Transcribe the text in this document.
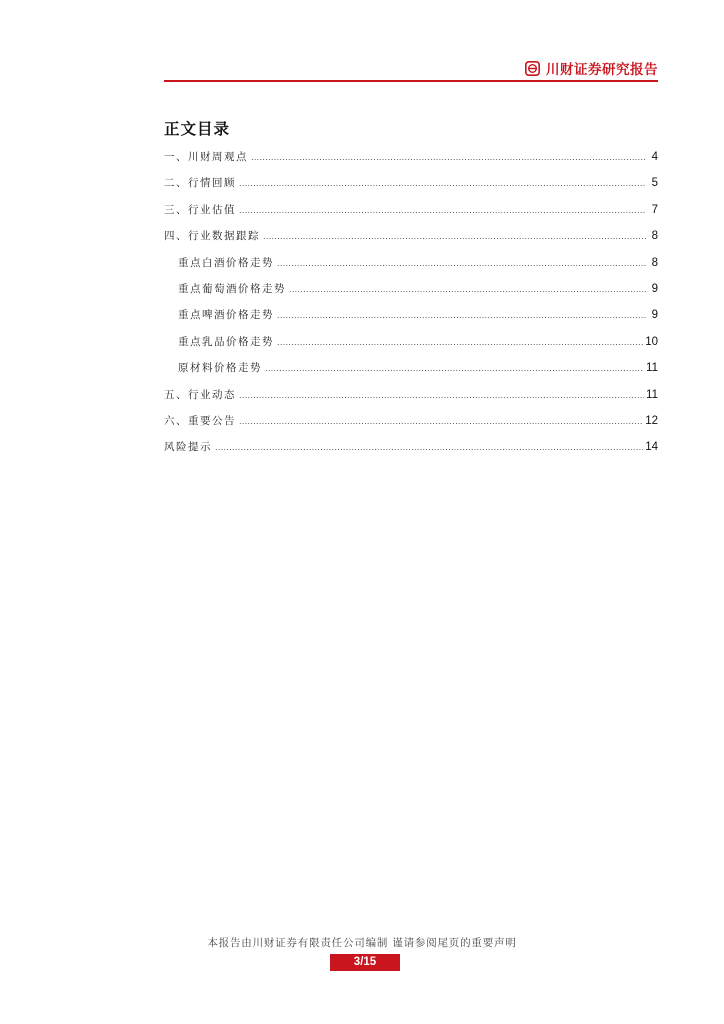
川财证券研究报告
正文目录
一、川财周观点 .....	4
二、行情回顾 .....	5
三、行业估值 .....	7
四、行业数据跟踪 .....	8
重点白酒价格走势 .....	8
重点葡萄酒价格走势 .....	9
重点啤酒价格走势 .....	9
重点乳品价格走势 .....	10
原材料价格走势 .....	11
五、行业动态 .....	11
六、重要公告 .....	12
风险提示 .....	14
本报告由川财证券有限责任公司编制 谨请参阅尾页的重要声明
3/15
